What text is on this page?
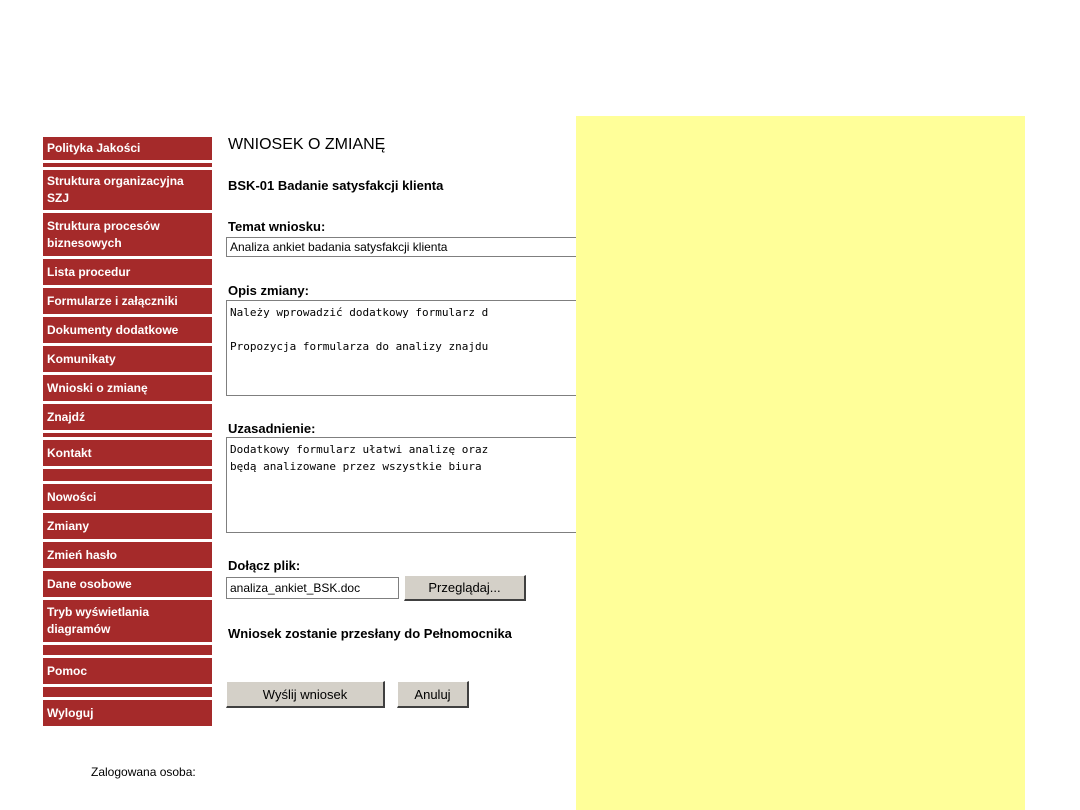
Polityka Jakości
Struktura organizacyjna SZJ
Struktura procesów biznesowych
Lista procedur
Formularze i załączniki
Dokumenty dodatkowe
Komunikaty
Wnioski o zmianę
Znajdź
Kontakt
Nowości
Zmiany
Zmień hasło
Dane osobowe
Tryb wyświetlania diagramów
Pomoc
Wyloguj
Zalogowana osoba:
WNIOSEK O ZMIANĘ
BSK-01 Badanie satysfakcji klienta
Temat wniosku:
Analiza ankiet badania satysfakcji klienta
Opis zmiany:
Należy wprowadzić dodatkowy formularz d

Propozycja formularza do analizy znajdu
Uzasadnienie:
Dodatkowy formularz ułatwi analizę oraz
będą analizowane przez wszystkie biura
Dołącz plik:
analiza_ankiet_BSK.doc	Przeglądaj...
Wniosek zostanie przesłany do Pełnomocnika
Wyślij wniosek	Anuluj
